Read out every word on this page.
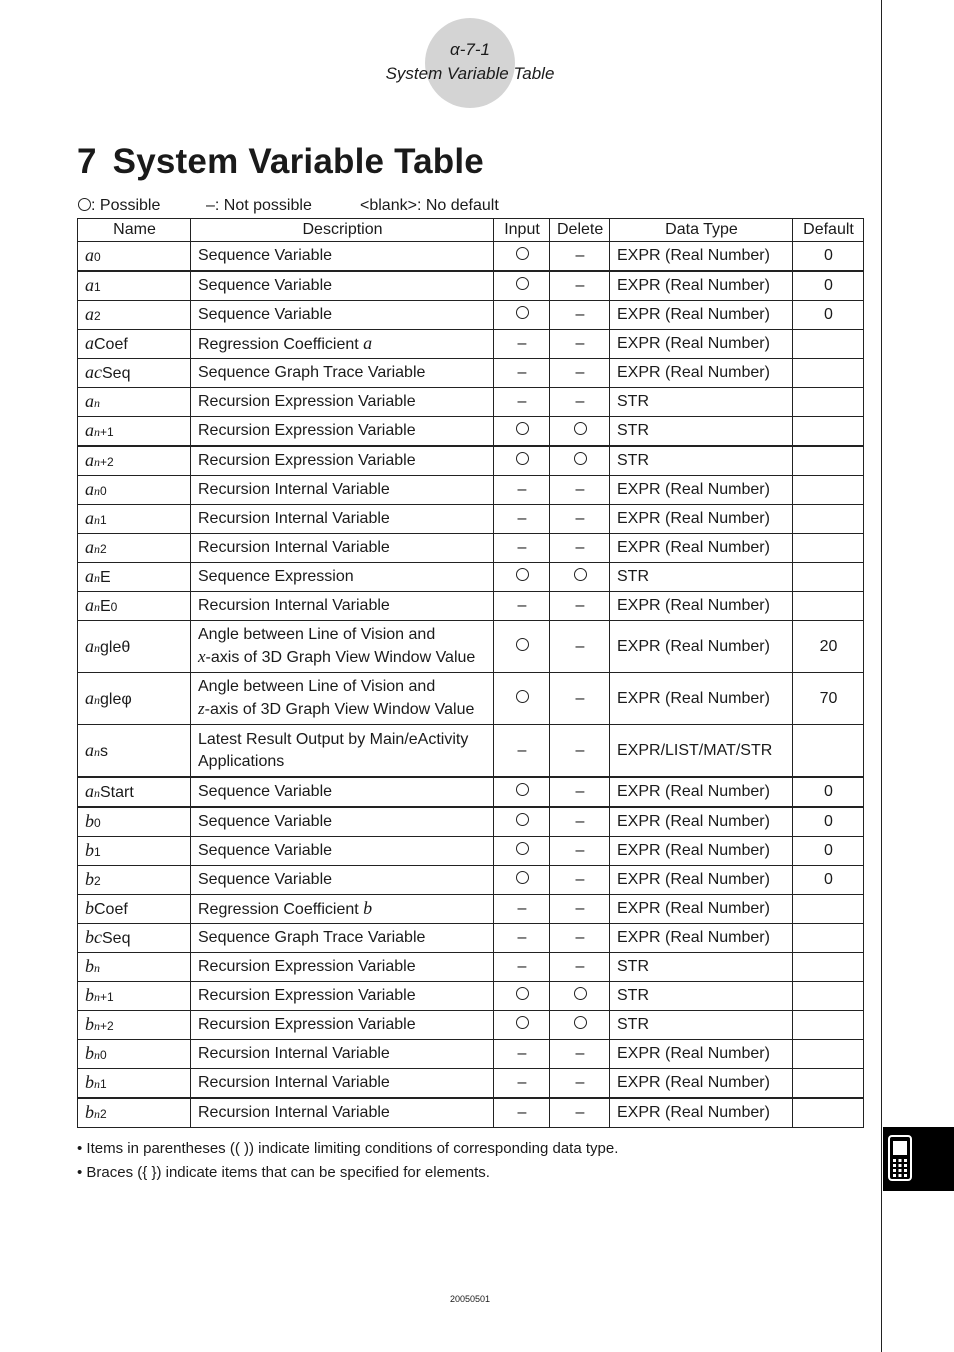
α-7-1
System Variable Table
7 System Variable Table
: Possible	–: Not possible	<blank>: No default
Name	Description	Input	Delete	Data Type	Default
a0	Sequence Variable		–	EXPR (Real Number)	0
a1	Sequence Variable		–	EXPR (Real Number)	0
a2	Sequence Variable		–	EXPR (Real Number)	0
aCoef	Regression Coefficient a	–	–	EXPR (Real Number)	
acSeq	Sequence Graph Trace Variable	–	–	EXPR (Real Number)	
an	Recursion Expression Variable	–	–	STR	
an+1	Recursion Expression Variable			STR	
an+2	Recursion Expression Variable			STR	
an0	Recursion Internal Variable	–	–	EXPR (Real Number)	
an1	Recursion Internal Variable	–	–	EXPR (Real Number)	
an2	Recursion Internal Variable	–	–	EXPR (Real Number)	
anE	Sequence Expression			STR	
anE0	Recursion Internal Variable	–	–	EXPR (Real Number)	
angleθ	Angle between Line of Vision and
x-axis of 3D Graph View Window Value		–	EXPR (Real Number)	20
angleφ	Angle between Line of Vision and
z-axis of 3D Graph View Window Value		–	EXPR (Real Number)	70
ans	Latest Result Output by Main/eActivity
Applications	–	–	EXPR/LIST/MAT/STR	
anStart	Sequence Variable		–	EXPR (Real Number)	0
b0	Sequence Variable		–	EXPR (Real Number)	0
b1	Sequence Variable		–	EXPR (Real Number)	0
b2	Sequence Variable		–	EXPR (Real Number)	0
bCoef	Regression Coefficient b	–	–	EXPR (Real Number)	
bcSeq	Sequence Graph Trace Variable	–	–	EXPR (Real Number)	
bn	Recursion Expression Variable	–	–	STR	
bn+1	Recursion Expression Variable			STR	
bn+2	Recursion Expression Variable			STR	
bn0	Recursion Internal Variable	–	–	EXPR (Real Number)	
bn1	Recursion Internal Variable	–	–	EXPR (Real Number)	
bn2	Recursion Internal Variable	–	–	EXPR (Real Number)	
• Items in parentheses (( )) indicate limiting conditions of corresponding data type.
• Braces ({ }) indicate items that can be specified for elements.
20050501
